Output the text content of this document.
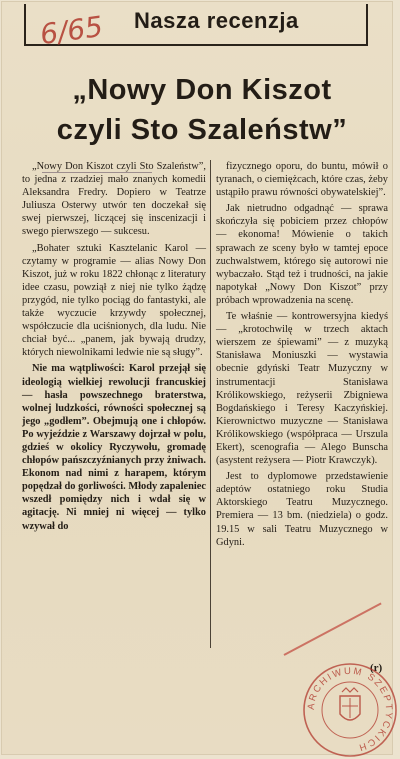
Nasza recenzja
6/65
„Nowy Don Kiszot
czyli Sto Szaleństw”

„Nowy Don Kiszot czyli Sto Szaleństw”, to jedna z rzadziej mało znanych komedii Aleksandra Fredry. Dopiero w Teatrze Juliusza Osterwy utwór ten doczekał się swej pierwszej, liczącej się inscenizacji i swego pierwszego — sukcesu.

„Bohater sztuki Kasztelanic Karol — czytamy w programie — alias Nowy Don Kiszot, już w roku 1822 chłonąc z literatury idee czasu, powziął z niej nie tylko żądzę przygód, nie tylko pociąg do fantastyki, ale także wyczucie krzywdy społecznej, współczucie dla uciśnionych, dla ludu. Nie chciał być... „panem, jak bywają drudzy, których niewolnikami ledwie nie są sługy”.

Nie ma wątpliwości: Karol przejął się ideologią wielkiej rewolucji francuskiej — hasła powszechnego braterstwa, wolnej ludzkości, równości społecznej są jego „godłem”. Obejmują one i chłopów. Po wyjeździe z Warszawy dojrzał w polu, gdzieś w okolicy Ryczywołu, gromadę chłopów pańszczyźnianych przy żniwach. Ekonom nad nimi z harapem, którym popędzał do gorliwości. Młody zapaleniec wszedł pomiędzy nich i wdał się w agitację. Ni mniej ni więcej — tylko wzywał do

fizycznego oporu, do buntu, mówił o tyranach, o ciemiężcach, które czas, żeby ustąpiło prawu równości obywatelskiej”.

Jak nietrudno odgadnąć — sprawa skończyła się pobiciem przez chłopów — ekonoma! Mówienie o takich sprawach ze sceny było w tamtej epoce zuchwalstwem, którego się autorowi nie wybaczało. Stąd też i trudności, na jakie napotykał „Nowy Don Kiszot” przy próbach wprowadzenia na scenę.

Te właśnie — kontrowersyjna kiedyś — „krotochwilę w trzech aktach wierszem ze śpiewami” — z muzyką Stanisława Moniuszki — wystawia obecnie gdyński Teatr Muzyczny w instrumentacji Stanisława Królikowskiego, reżyserii Zbigniewa Bogdańskiego i Teresy Kaczyńskiej. Kierownictwo muzyczne — Stanisława Królikowskiego (współpraca — Urszula Ekert), scenografia — Alego Bunscha (asystent reżysera — Piotr Krawczyk).

Jest to dyplomowe przedstawienie adeptów ostatniego roku Studia Aktorskiego Teatru Muzycznego. Premiera — 13 bm. (niedziela) o godz. 19.15 w sali Teatru Muzycznego w Gdyni.

(r)
ARCHIWUM SZEPTYCKICH
